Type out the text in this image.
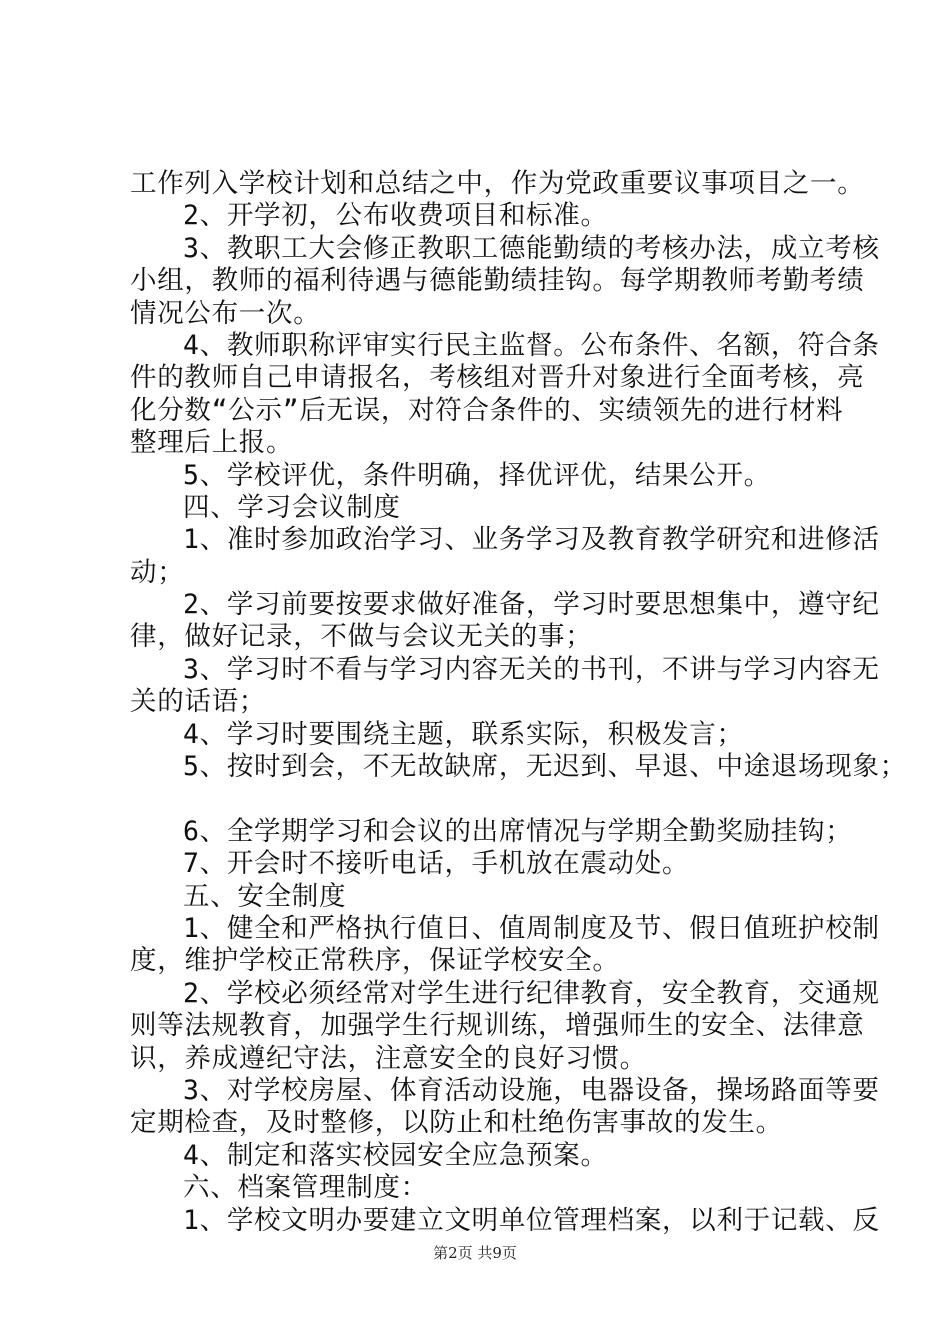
工作列入学校计划和总结之中，作为党政重要议事项目之一。
2、开学初，公布收费项目和标准。
3、教职工大会修正教职工德能勤绩的考核办法，成立考核
小组，教师的福利待遇与德能勤绩挂钩。每学期教师考勤考绩
情况公布一次。
4、教师职称评审实行民主监督。公布条件、名额，符合条
件的教师自己申请报名，考核组对晋升对象进行全面考核，亮
化分数“公示”后无误，对符合条件的、实绩领先的进行材料
整理后上报。
5、学校评优，条件明确，择优评优，结果公开。
四、学习会议制度
1、准时参加政治学习、业务学习及教育教学研究和进修活
动；
2、学习前要按要求做好准备，学习时要思想集中，遵守纪
律，做好记录，不做与会议无关的事；
3、学习时不看与学习内容无关的书刊，不讲与学习内容无
关的话语；
4、学习时要围绕主题，联系实际，积极发言；
5、按时到会，不无故缺席，无迟到、早退、中途退场现象；
6、全学期学习和会议的出席情况与学期全勤奖励挂钩；
7、开会时不接听电话，手机放在震动处。
五、安全制度
1、健全和严格执行值日、值周制度及节、假日值班护校制
度，维护学校正常秩序，保证学校安全。
2、学校必须经常对学生进行纪律教育，安全教育，交通规
则等法规教育，加强学生行规训练，增强师生的安全、法律意
识，养成遵纪守法，注意安全的良好习惯。
3、对学校房屋、体育活动设施，电器设备，操场路面等要
定期检查，及时整修，以防止和杜绝伤害事故的发生。
4、制定和落实校园安全应急预案。
六、档案管理制度：
1、学校文明办要建立文明单位管理档案，以利于记载、反
第2页 共9页
